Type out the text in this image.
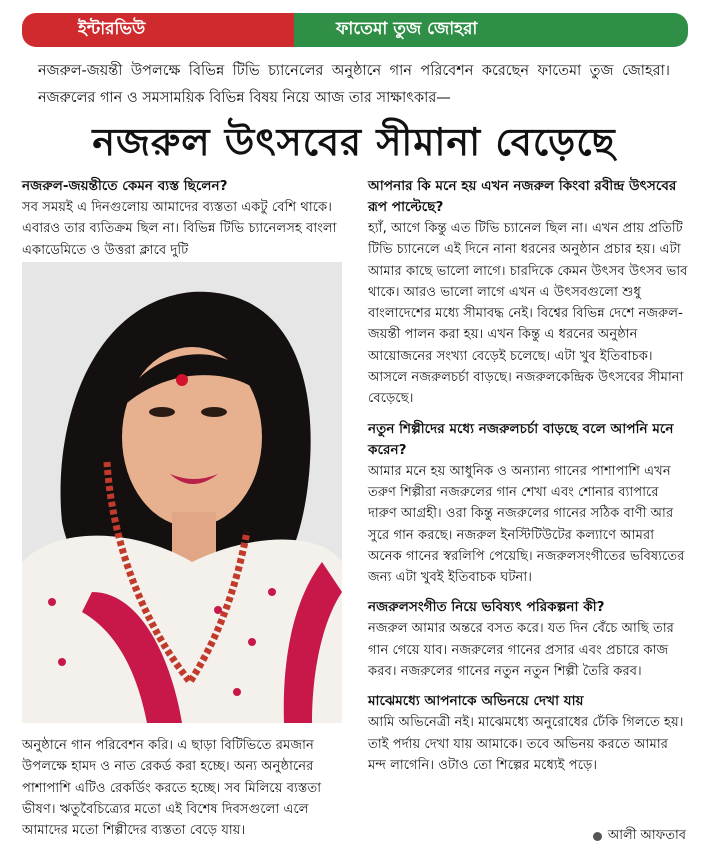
ইন্টারভিউ	ফাতেমা তুজ জোহরা

নজরুল-জয়ন্তী উপলক্ষে বিভিন্ন টিভি চ্যানেলের অনুষ্ঠানে গান পরিবেশন করেছেন ফাতেমা তুজ জোহরা। নজরুলের গান ও সমসাময়িক বিভিন্ন বিষয় নিয়ে আজ তার সাক্ষাৎকার—

নজরুল উৎসবের সীমানা বেড়েছে
নজরুল-জয়ন্তীতে কেমন ব্যস্ত ছিলেন?

সব সময়ই এ দিনগুলোয় আমাদের ব্যস্ততা একটু বেশি থাকে। এবারও তার ব্যতিক্রম ছিল না। বিভিন্ন টিভি চ্যানেলসহ বাংলা একাডেমিতে ও উত্তরা ক্লাবে দুটি

অনুষ্ঠানে গান পরিবেশন করি। এ ছাড়া বিটিভিতে রমজান উপলক্ষে হামদ ও নাত রেকর্ড করা হচ্ছে। অন্য অনুষ্ঠানের পাশাপাশি এটিও রেকর্ডিং করতে হচ্ছে। সব মিলিয়ে ব্যস্ততা ভীষণ। ঋতুবৈচিত্র্যের মতো এই বিশেষ দিবসগুলো এলে আমাদের মতো শিল্পীদের ব্যস্ততা বেড়ে যায়।

আপনার কি মনে হয় এখন নজরুল কিংবা রবীন্দ্র উৎসবের রূপ পাল্টেছে?

হ্যাঁ, আগে কিন্তু এত টিভি চ্যানেল ছিল না। এখন প্রায় প্রতিটি টিভি চ্যানেলে এই দিনে নানা ধরনের অনুষ্ঠান প্রচার হয়। এটা আমার কাছে ভালো লাগে। চারদিকে কেমন উৎসব উৎসব ভাব থাকে। আরও ভালো লাগে এখন এ উৎসবগুলো শুধু বাংলাদেশের মধ্যে সীমাবদ্ধ নেই। বিশ্বের বিভিন্ন দেশে নজরুল-জয়ন্তী পালন করা হয়। এখন কিন্তু এ ধরনের অনুষ্ঠান আয়োজনের সংখ্যা বেড়েই চলেছে। এটা খুব ইতিবাচক। আসলে নজরুলচর্চা বাড়ছে। নজরুলকেন্দ্রিক উৎসবের সীমানা বেড়েছে।

নতুন শিল্পীদের মধ্যে নজরুলচর্চা বাড়ছে বলে আপনি মনে করেন?

আমার মনে হয় আধুনিক ও অন্যান্য গানের পাশাপাশি এখন তরুণ শিল্পীরা নজরুলের গান শেখা এবং শোনার ব্যাপারে দারুণ আগ্রহী। ওরা কিন্তু নজরুলের গানের সঠিক বাণী আর সুরে গান করছে। নজরুল ইনস্টিটিউটের কল্যাণে আমরা অনেক গানের স্বরলিপি পেয়েছি। নজরুলসংগীতের ভবিষ্যতের জন্য এটা খুবই ইতিবাচক ঘটনা।

নজরুলসংগীত নিয়ে ভবিষ্যৎ পরিকল্পনা কী?

নজরুল আমার অন্তরে বসত করে। যত দিন বেঁচে আছি তার গান গেয়ে যাব। নজরুলের গানের প্রসার এবং প্রচারে কাজ করব। নজরুলের গানের নতুন নতুন শিল্পী তৈরি করব।

মাঝেমধ্যে আপনাকে অভিনয়ে দেখা যায়

আমি অভিনেত্রী নই। মাঝেমধ্যে অনুরোধের ঢেঁকি গিলতে হয়। তাই পর্দায় দেখা যায় আমাকে। তবে অভিনয় করতে আমার মন্দ লাগেনি। ওটাও তো শিল্পের মধ্যেই পড়ে।

আলী আফতাব
